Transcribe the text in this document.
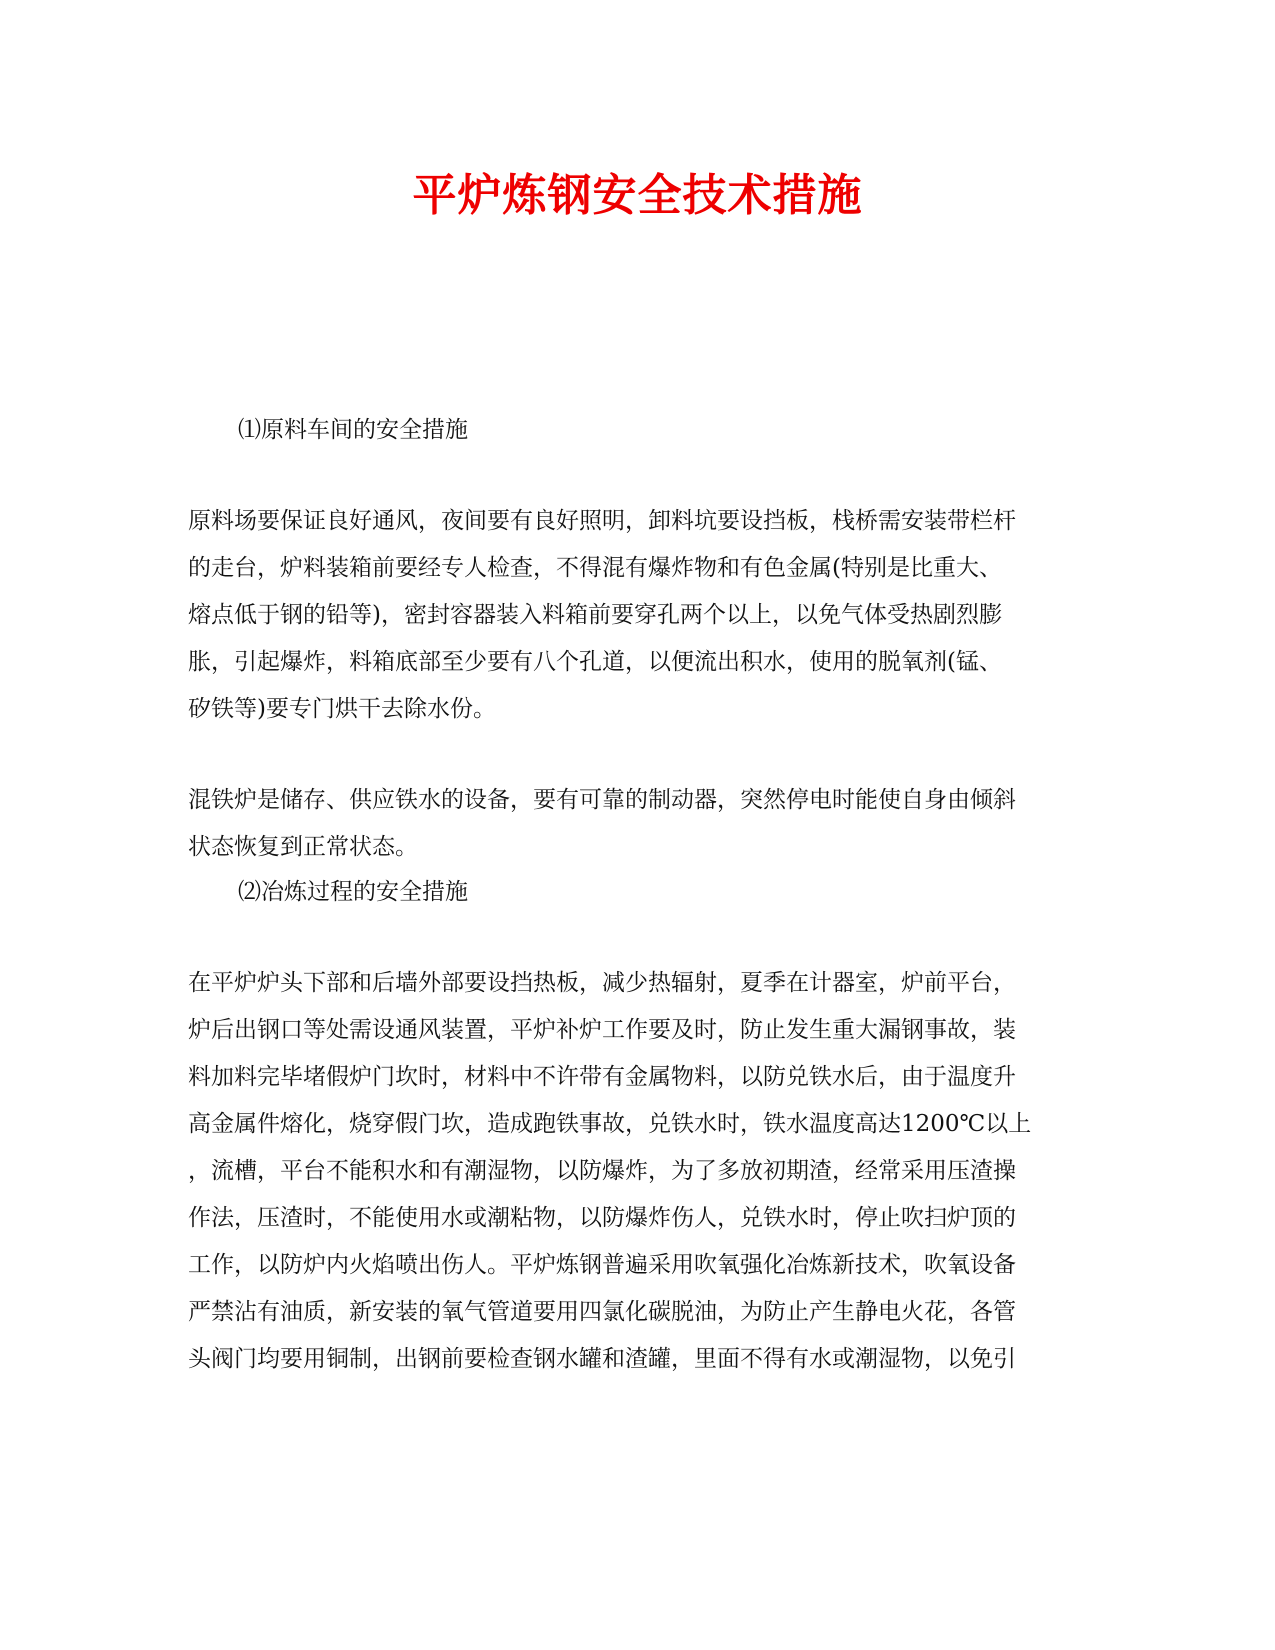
平炉炼钢安全技术措施

⑴原料车间的安全措施

原料场要保证良好通风，夜间要有良好照明，卸料坑要设挡板，栈桥需安装带栏杆

的走台，炉料装箱前要经专人检查，不得混有爆炸物和有色金属(特别是比重大、

熔点低于钢的铅等)，密封容器装入料箱前要穿孔两个以上，以免气体受热剧烈膨

胀，引起爆炸，料箱底部至少要有八个孔道，以便流出积水，使用的脱氧剂(锰、

矽铁等)要专门烘干去除水份。

混铁炉是储存、供应铁水的设备，要有可靠的制动器，突然停电时能使自身由倾斜

状态恢复到正常状态。

⑵冶炼过程的安全措施

在平炉炉头下部和后墙外部要设挡热板，减少热辐射，夏季在计器室，炉前平台，

炉后出钢口等处需设通风装置，平炉补炉工作要及时，防止发生重大漏钢事故，装

料加料完毕堵假炉门坎时，材料中不许带有金属物料，以防兑铁水后，由于温度升

高金属件熔化，烧穿假门坎，造成跑铁事故，兑铁水时，铁水温度高达1200℃以上

，流槽，平台不能积水和有潮湿物，以防爆炸，为了多放初期渣，经常采用压渣操

作法，压渣时，不能使用水或潮粘物，以防爆炸伤人，兑铁水时，停止吹扫炉顶的

工作，以防炉内火焰喷出伤人。平炉炼钢普遍采用吹氧强化冶炼新技术，吹氧设备

严禁沾有油质，新安装的氧气管道要用四氯化碳脱油，为防止产生静电火花，各管

头阀门均要用铜制，出钢前要检查钢水罐和渣罐，里面不得有水或潮湿物，以免引
